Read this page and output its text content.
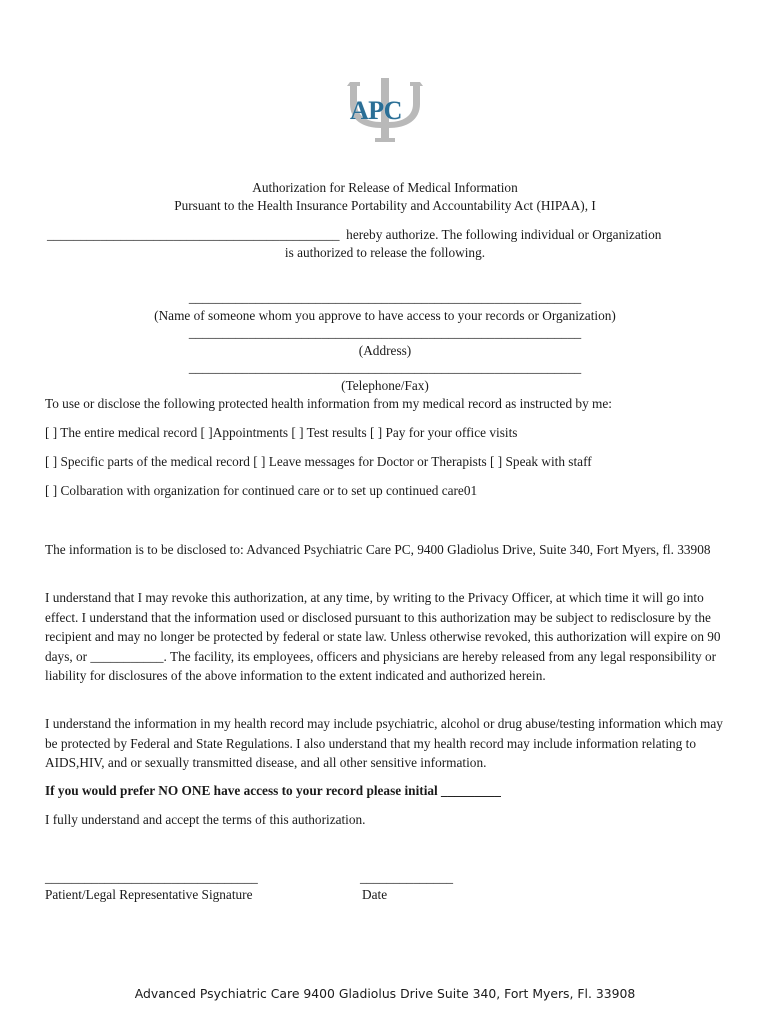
APC
Authorization for Release of Medical Information
Pursuant to the Health Insurance Portability and Accountability Act (HIPAA), I
____________________________________________  hereby authorize. The following individual or Organization
is authorized to release the following.
___________________________________________________________
(Name of someone whom you approve to have access to your records or Organization)
___________________________________________________________
(Address)
___________________________________________________________
(Telephone/Fax)
To use or disclose the following protected health information from my medical record as instructed by me:
[ ] The entire medical record [ ]Appointments [ ] Test results [ ] Pay for your office visits
[ ] Specific parts of the medical record [ ] Leave messages for Doctor or Therapists [ ] Speak with staff
[ ] Colbaration with organization for continued care or to set up continued care01
The information is to be disclosed to: Advanced Psychiatric Care PC, 9400 Gladiolus Drive, Suite 340, Fort Myers, fl. 33908
I understand that I may revoke this authorization, at any time, by writing to the Privacy Officer, at which time it will go into effect. I understand that the information used or disclosed pursuant to this authorization may be subject to redisclosure by the recipient and may no longer be protected by federal or state law. Unless otherwise revoked, this authorization will expire on 90 days, or ___________. The facility, its employees, officers and physicians are hereby released from any legal responsibility or liability for disclosures of the above information to the extent indicated and authorized herein.
I understand the information in my health record may include psychiatric, alcohol or drug abuse/testing information which may be protected by Federal and State Regulations. I also understand that my health record may include information relating to AIDS,HIV, and or sexually transmitted disease, and all other sensitive information.
If you would prefer NO ONE have access to your record please initial _________
I fully understand and accept the terms of this authorization.
________________________________
Patient/Legal Representative Signature
______________
Date
Advanced Psychiatric Care 9400 Gladiolus Drive Suite 340, Fort Myers, Fl. 33908
